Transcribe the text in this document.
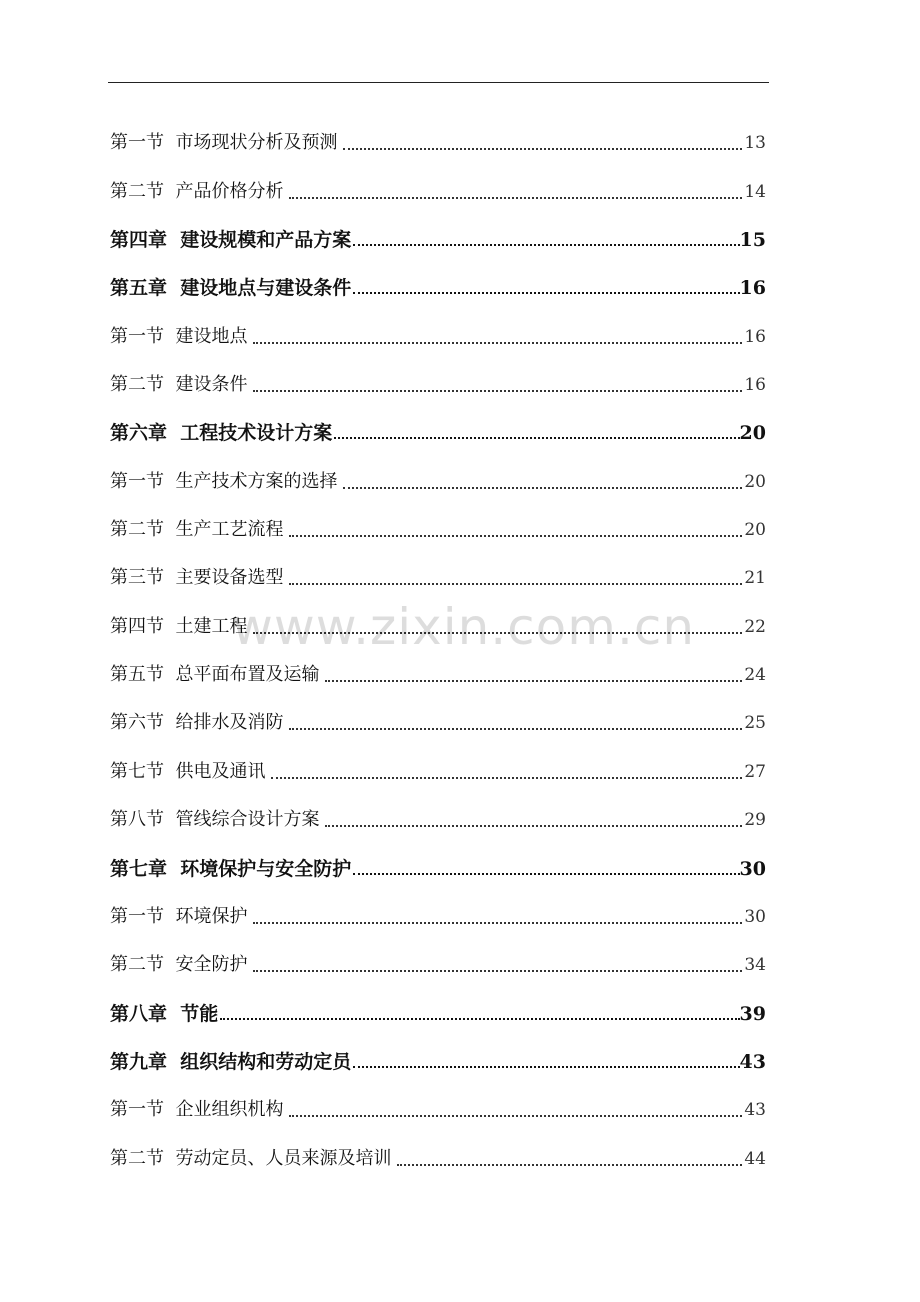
第一节  市场现状分析及预测	13
第二节  产品价格分析	14
第四章  建设规模和产品方案	15
第五章  建设地点与建设条件	16
第一节  建设地点	16
第二节  建设条件	16
第六章  工程技术设计方案	20
第一节  生产技术方案的选择	20
第二节  生产工艺流程	20
第三节  主要设备选型	21
第四节  土建工程	22
第五节  总平面布置及运输	24
第六节  给排水及消防	25
第七节  供电及通讯	27
第八节  管线综合设计方案	29
第七章  环境保护与安全防护	30
第一节  环境保护	30
第二节  安全防护	34
第八章  节能	39
第九章  组织结构和劳动定员	43
第一节  企业组织机构	43
第二节  劳动定员、人员来源及培训	44
www.zixin.com.cn
